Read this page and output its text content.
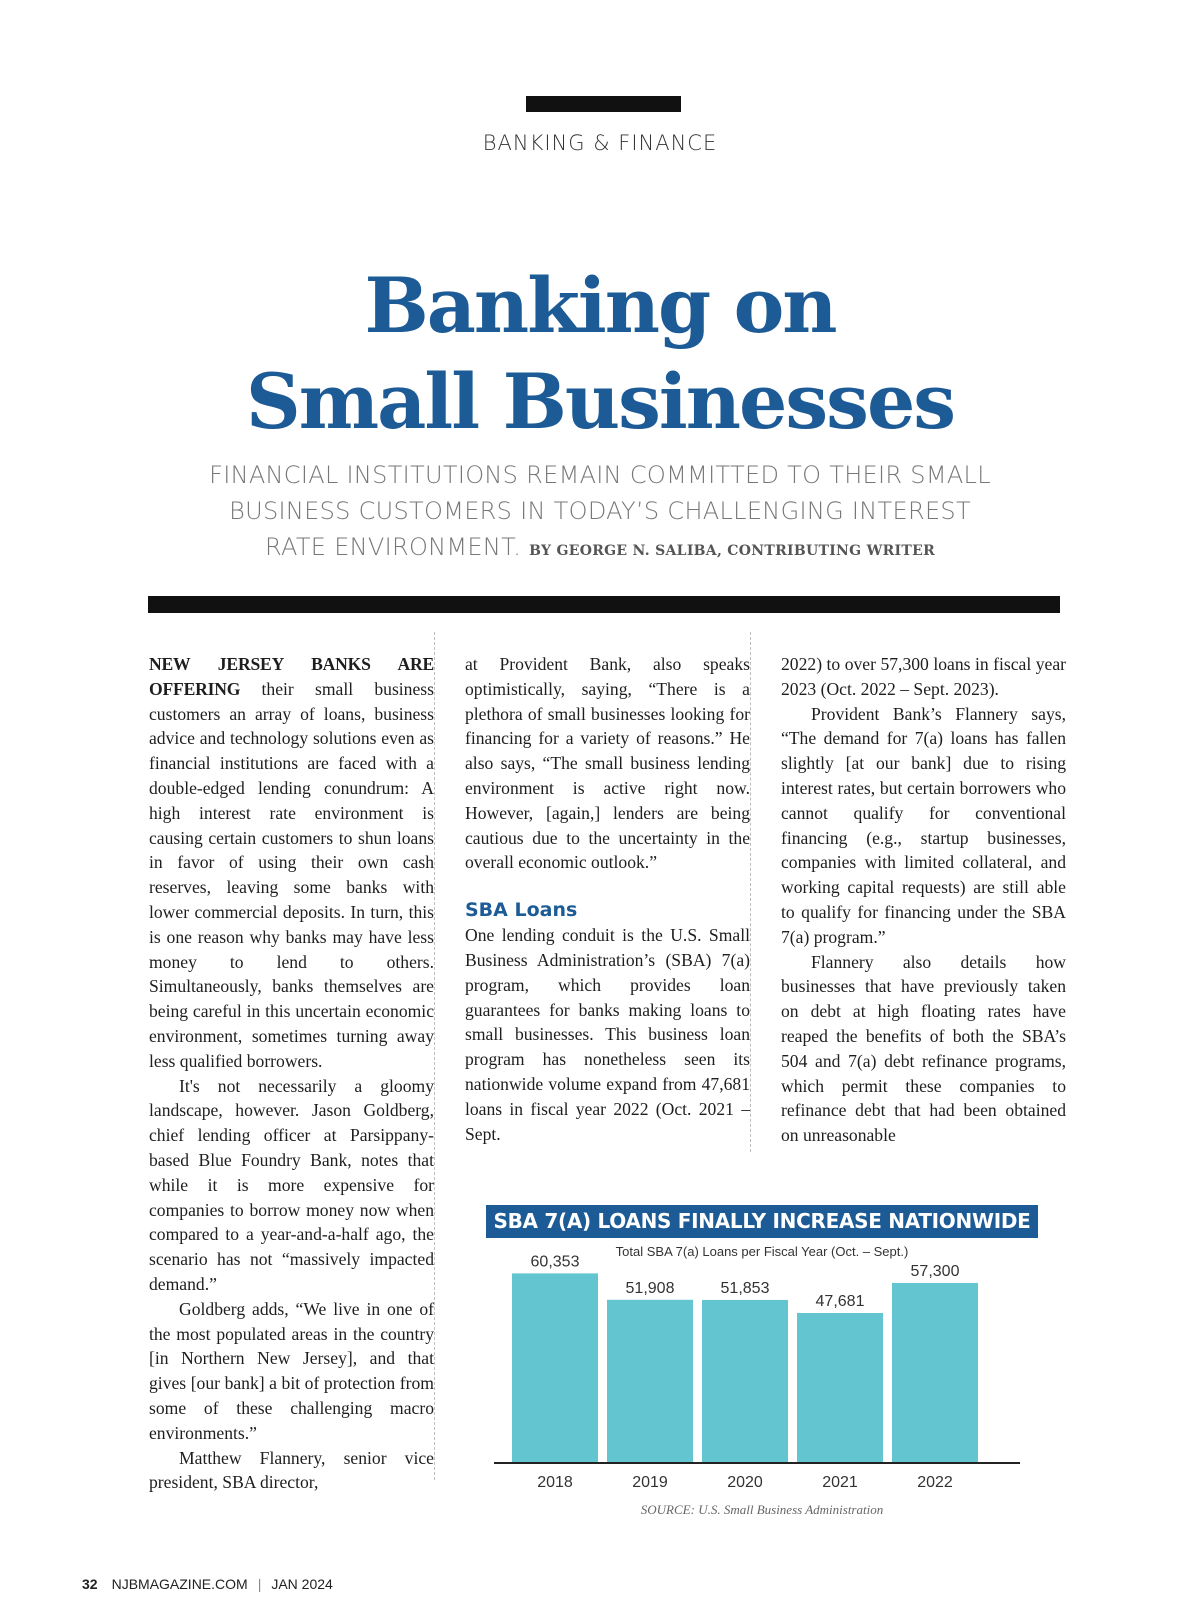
BANKING & FINANCE
Banking on
Small Businesses
FINANCIAL INSTITUTIONS REMAIN COMMITTED TO THEIR SMALL
BUSINESS CUSTOMERS IN TODAY’S CHALLENGING INTEREST
RATE ENVIRONMENT. BY GEORGE N. SALIBA, CONTRIBUTING WRITER

NEW JERSEY BANKS ARE OFFERING their small business customers an array of loans, business advice and technology solutions even as financial institutions are faced with a double-edged lending conundrum: A high interest rate environment is causing certain customers to shun loans in favor of using their own cash reserves, leaving some banks with lower commercial deposits. In turn, this is one reason why banks may have less money to lend to others. Simultaneously, banks themselves are being careful in this uncertain economic environment, sometimes turning away less qualified borrowers.

It's not necessarily a gloomy landscape, however. Jason Goldberg, chief lending officer at Parsippany-based Blue Foundry Bank, notes that while it is more expensive for companies to borrow money now when compared to a year-and-a-half ago, the scenario has not “massively impacted demand.”

Goldberg adds, “We live in one of the most populated areas in the country [in Northern New Jersey], and that gives [our bank] a bit of protection from some of these challenging macro environments.”

Matthew Flannery, senior vice president, SBA director,

at Provident Bank, also speaks optimistically, saying, “There is a plethora of small businesses looking for financing for a variety of reasons.” He also says, “The small business lending environment is active right now. However, [again,] lenders are being cautious due to the uncertainty in the overall economic outlook.”

SBA Loans

One lending conduit is the U.S. Small Business Administration’s (SBA) 7(a) program, which provides loan guarantees for banks making loans to small businesses. This business loan program has nonetheless seen its nationwide volume expand from 47,681 loans in fiscal year 2022 (Oct. 2021 – Sept.

2022) to over 57,300 loans in fiscal year 2023 (Oct. 2022 – Sept. 2023).

Provident Bank’s Flannery says, “The demand for 7(a) loans has fallen slightly [at our bank] due to rising interest rates, but certain borrowers who cannot qualify for conventional financing (e.g., startup businesses, companies with limited collateral, and working capital requests) are still able to qualify for financing under the SBA 7(a) program.”

Flannery also details how businesses that have previously taken on debt at high floating rates have reaped the benefits of both the SBA’s 504 and 7(a) debt refinance programs, which permit these companies to refinance debt that had been obtained on unreasonable

SBA 7(A) LOANS FINALLY INCREASE NATIONWIDE
Total SBA 7(a) Loans per Fiscal Year (Oct. – Sept.)
60,353
2018
51,908
2019
51,853
2020
47,681
2021
57,300
2022
SOURCE: U.S. Small Business Administration
32 NJBMAGAZINE.COM | JAN 2024
